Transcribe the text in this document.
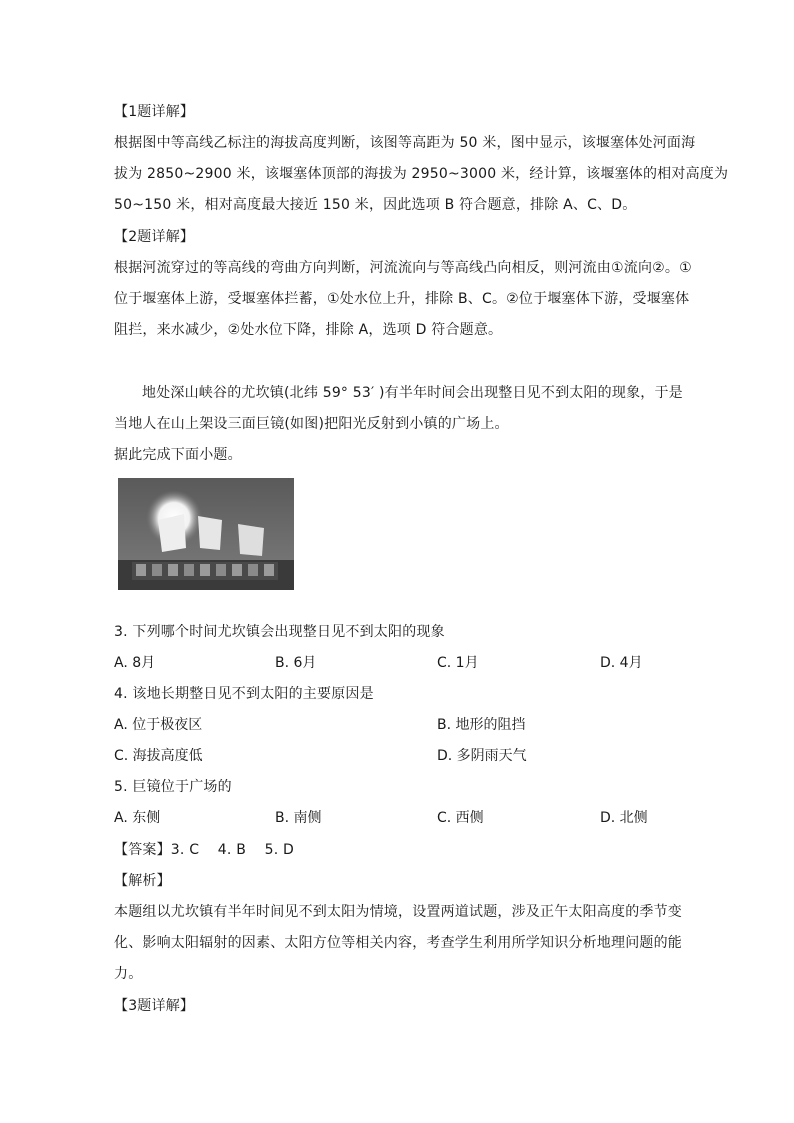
【1题详解】
根据图中等高线乙标注的海拔高度判断，该图等高距为 50 米，图中显示，该堰塞体处河面海
拔为 2850~2900 米，该堰塞体顶部的海拔为 2950~3000 米，经计算，该堰塞体的相对高度为
50~150 米，相对高度最大接近 150 米，因此选项 B 符合题意，排除 A、C、D。
【2题详解】
根据河流穿过的等高线的弯曲方向判断，河流流向与等高线凸向相反，则河流由①流向②。①
位于堰塞体上游，受堰塞体拦蓄，①处水位上升，排除 B、C。②位于堰塞体下游，受堰塞体
阻拦，来水减少，②处水位下降，排除 A，选项 D 符合题意。
地处深山峡谷的尤坎镇(北纬 59° 53′ )有半年时间会出现整日见不到太阳的现象，于是
当地人在山上架设三面巨镜(如图)把阳光反射到小镇的广场上。
据此完成下面小题。
3. 下列哪个时间尤坎镇会出现整日见不到太阳的现象
A. 8月	B. 6月	C. 1月	D. 4月
4. 该地长期整日见不到太阳的主要原因是
A. 位于极夜区	B. 地形的阻挡
C. 海拔高度低	D. 多阴雨天气
5. 巨镜位于广场的
A. 东侧	B. 南侧	C. 西侧	D. 北侧
【答案】3. C    4. B    5. D
【解析】
本题组以尤坎镇有半年时间见不到太阳为情境，设置两道试题，涉及正午太阳高度的季节变
化、影响太阳辐射的因素、太阳方位等相关内容，考查学生利用所学知识分析地理问题的能
力。
【3题详解】
